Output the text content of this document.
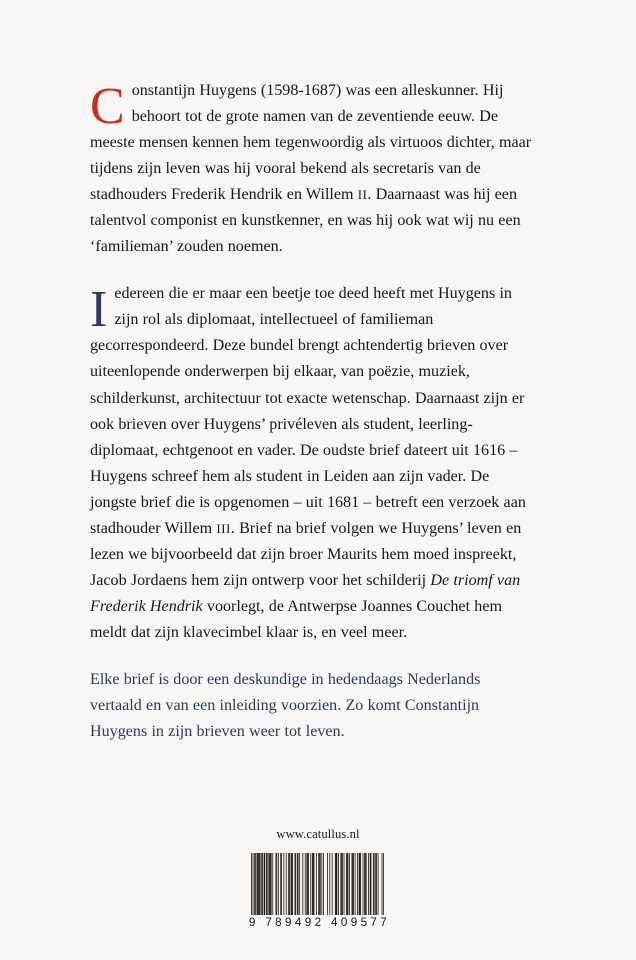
Constantijn Huygens (1598-1687) was een alleskunner. Hij behoort tot de grote namen van de zeventiende eeuw. De meeste mensen kennen hem tegenwoordig als virtuoos dichter, maar tijdens zijn leven was hij vooral bekend als secretaris van de stadhouders Frederik Hendrik en Willem II. Daarnaast was hij een talentvol componist en kunstkenner, en was hij ook wat wij nu een ‘familieman’ zouden noemen.

Iedereen die er maar een beetje toe deed heeft met Huygens in zijn rol als diplomaat, intellectueel of familieman gecorrespondeerd. Deze bundel brengt achtendertig brieven over uiteenlopende onderwerpen bij elkaar, van poëzie, muziek, schilderkunst, architectuur tot exacte wetenschap. Daarnaast zijn er ook brieven over Huygens’ privéleven als student, leerling-diplomaat, echtgenoot en vader. De oudste brief dateert uit 1616 – Huygens schreef hem als student in Leiden aan zijn vader. De jongste brief die is opgenomen – uit 1681 – betreft een verzoek aan stadhouder Willem III. Brief na brief volgen we Huygens’ leven en lezen we bijvoorbeeld dat zijn broer Maurits hem moed inspreekt, Jacob Jordaens hem zijn ontwerp voor het schilderij De triomf van Frederik Hendrik voorlegt, de Antwerpse Joannes Couchet hem meldt dat zijn klavecimbel klaar is, en veel meer.

Elke brief is door een deskundige in hedendaags Nederlands vertaald en van een inleiding voorzien. Zo komt Constantijn Huygens in zijn brieven weer tot leven.

www.catullus.nl
9 789492 409577
